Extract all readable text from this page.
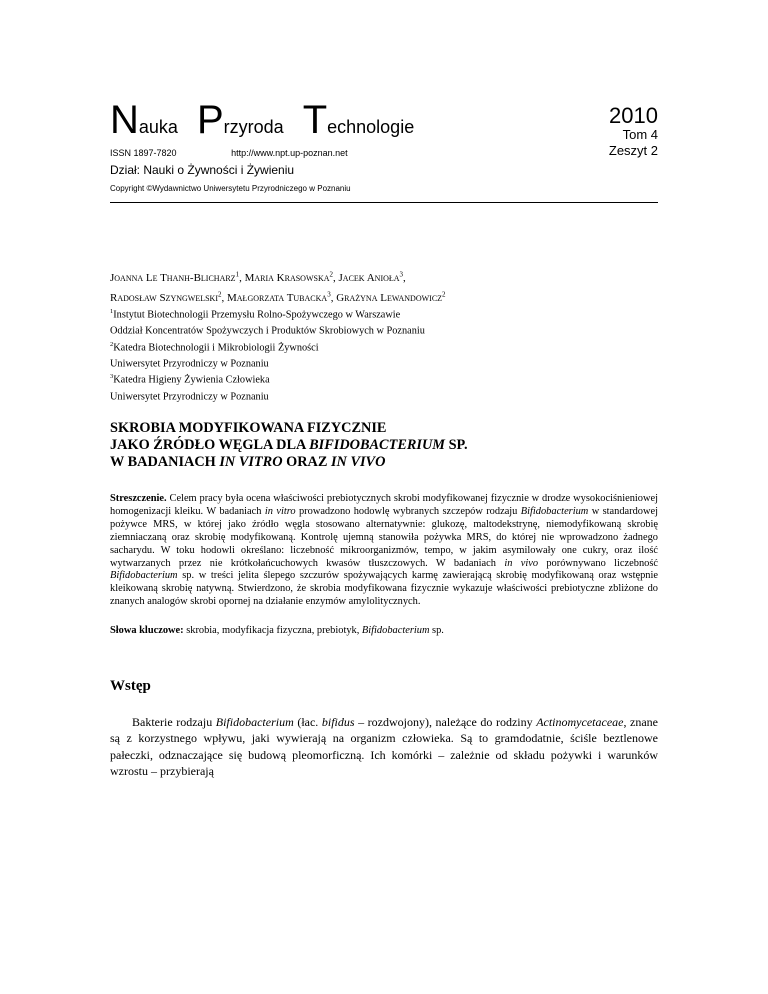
Nauka Przyroda Technologie
ISSN 1897-7820	http://www.npt.up-poznan.net
Dział: Nauki o Żywności i Żywieniu
Copyright ©Wydawnictwo Uniwersytetu Przyrodniczego w Poznaniu
2010
Tom 4
Zeszyt 2
Joanna Le Thanh-Blicharz$^1$, Maria Krasowska$^2$, Jacek Anioła$^3$,
Radosław Szyngwelski$^2$, Małgorzata Tubacka$^3$, Grażyna Lewandowicz$^2$
$^1$Instytut Biotechnologii Przemysłu Rolno-Spożywczego w Warszawie
Oddział Koncentratów Spożywczych i Produktów Skrobiowych w Poznaniu
$^2$Katedra Biotechnologii i Mikrobiologii Żywności
Uniwersytet Przyrodniczy w Poznaniu
$^3$Katedra Higieny Żywienia Człowieka
Uniwersytet Przyrodniczy w Poznaniu
SKROBIA MODYFIKOWANA FIZYCZNIE
JAKO ŹRÓDŁO WĘGLA DLA BIFIDOBACTERIUM SP.
W BADANIACH IN VITRO ORAZ IN VIVO
Streszczenie. Celem pracy była ocena właściwości prebiotycznych skrobi modyfikowanej fizycznie w drodze wysokociśnieniowej homogenizacji kleiku. W badaniach in vitro prowadzono hodowlę wybranych szczepów rodzaju Bifidobacterium w standardowej pożywce MRS, w której jako źródło węgla stosowano alternatywnie: glukozę, maltodekstrynę, niemodyfikowaną skrobię ziemniaczaną oraz skrobię modyfikowaną. Kontrolę ujemną stanowiła pożywka MRS, do której nie wprowadzono żadnego sacharydu. W toku hodowli określano: liczebność mikroorganizmów, tempo, w jakim asymilowały one cukry, oraz ilość wytwarzanych przez nie krótkołańcuchowych kwasów tłuszczowych. W badaniach in vivo porównywano liczebność Bifidobacterium sp. w treści jelita ślepego szczurów spożywających karmę zawierającą skrobię modyfikowaną oraz wstępnie kleikowaną skrobię natywną. Stwierdzono, że skrobia modyfikowana fizycznie wykazuje właściwości prebiotyczne zbliżone do znanych analogów skrobi opornej na działanie enzymów amylolitycznych.
Słowa kluczowe: skrobia, modyfikacja fizyczna, prebiotyk, Bifidobacterium sp.
Wstęp
Bakterie rodzaju Bifidobacterium (łac. bifidus – rozdwojony), należące do rodziny Actinomycetaceae, znane są z korzystnego wpływu, jaki wywierają na organizm człowieka. Są to gramdodatnie, ściśle beztlenowe pałeczki, odznaczające się budową pleomorficzną. Ich komórki – zależnie od składu pożywki i warunków wzrostu – przybierają
